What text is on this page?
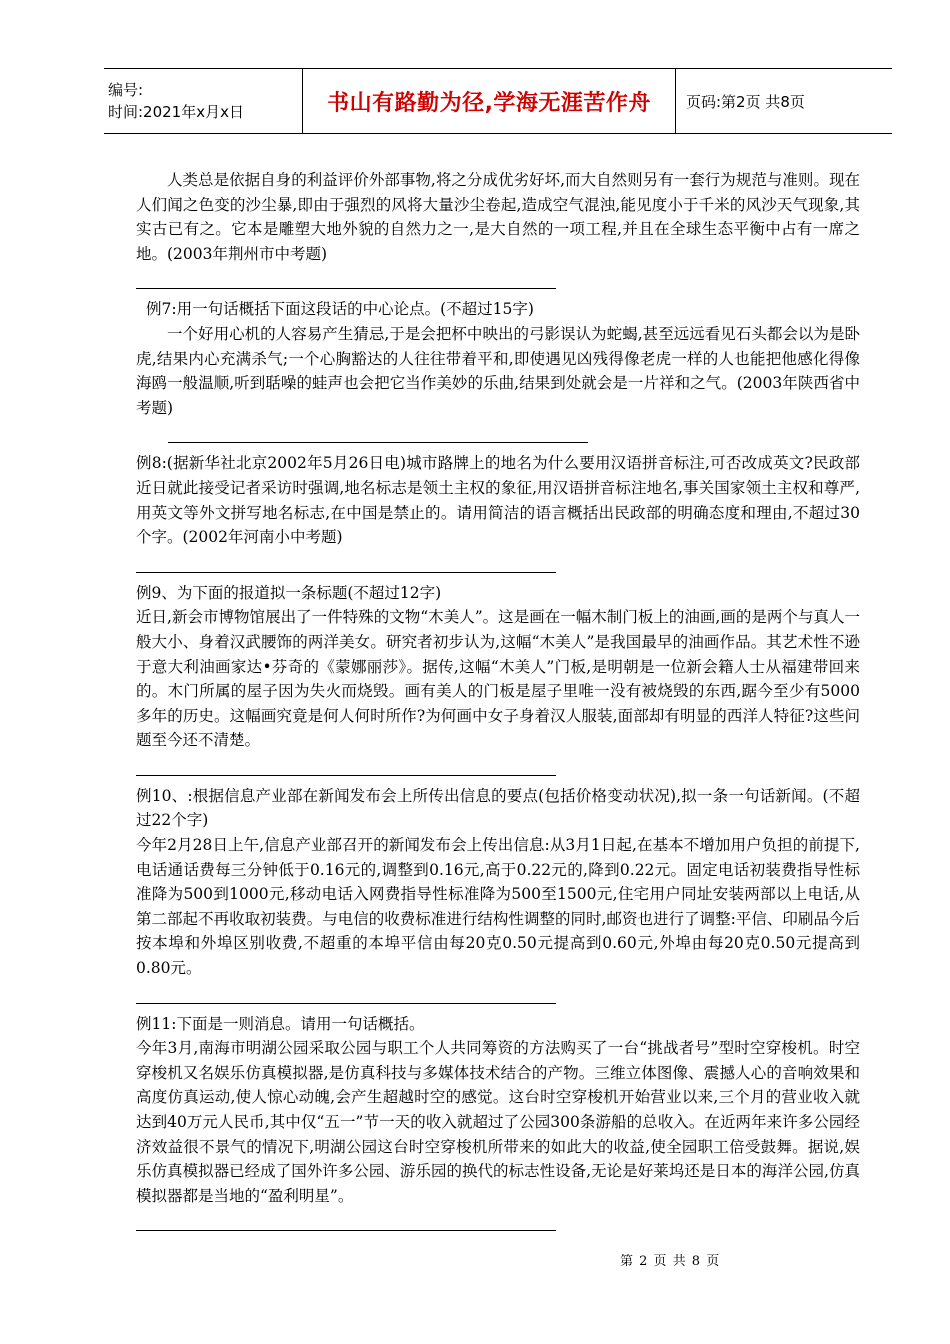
编号:
时间:2021年x月x日	书山有路勤为径,学海无涯苦作舟 页码:第2页 共8页

人类总是依据自身的利益评价外部事物,将之分成优劣好坏,而大自然则另有一套行为规范与准则。现在人们闻之色变的沙尘暴,即由于强烈的风将大量沙尘卷起,造成空气混浊,能见度小于千米的风沙天气现象,其实古已有之。它本是雕塑大地外貌的自然力之一,是大自然的一项工程,并且在全球生态平衡中占有一席之地。(2003年荆州市中考题)

例7:用一句话概括下面这段话的中心论点。(不超过15字)

一个好用心机的人容易产生猜忌,于是会把杯中映出的弓影误认为蛇蝎,甚至远远看见石头都会以为是卧虎,结果内心充满杀气;一个心胸豁达的人往往带着平和,即使遇见凶残得像老虎一样的人也能把他感化得像海鸥一般温顺,听到聒噪的蛙声也会把它当作美妙的乐曲,结果到处就会是一片祥和之气。(2003年陕西省中考题)

例8:(据新华社北京2002年5月26日电)城市路牌上的地名为什么要用汉语拼音标注,可否改成英文?民政部近日就此接受记者采访时强调,地名标志是领土主权的象征,用汉语拼音标注地名,事关国家领土主权和尊严,用英文等外文拼写地名标志,在中国是禁止的。请用简洁的语言概括出民政部的明确态度和理由,不超过30个字。(2002年河南小中考题)

例9、为下面的报道拟一条标题(不超过12字)

近日,新会市博物馆展出了一件特殊的文物“木美人”。这是画在一幅木制门板上的油画,画的是两个与真人一般大小、身着汉武腰饰的两洋美女。研究者初步认为,这幅“木美人”是我国最早的油画作品。其艺术性不逊于意大利油画家达•芬奇的《蒙娜丽莎》。据传,这幅“木美人”门板,是明朝是一位新会籍人士从福建带回来的。木门所属的屋子因为失火而烧毁。画有美人的门板是屋子里唯一没有被烧毁的东西,踞今至少有5000多年的历史。这幅画究竟是何人何时所作?为何画中女子身着汉人服装,面部却有明显的西洋人特征?这些问题至今还不清楚。

例10、:根据信息产业部在新闻发布会上所传出信息的要点(包括价格变动状况),拟一条一句话新闻。(不超过22个字)

今年2月28日上午,信息产业部召开的新闻发布会上传出信息:从3月1日起,在基本不增加用户负担的前提下,电话通话费每三分钟低于0.16元的,调整到0.16元,高于0.22元的,降到0.22元。固定电话初装费指导性标准降为500到1000元,移动电话入网费指导性标准降为500至1500元,住宅用户同址安装两部以上电话,从第二部起不再收取初装费。与电信的收费标准进行结构性调整的同时,邮资也进行了调整:平信、印刷品今后按本埠和外埠区别收费,不超重的本埠平信由每20克0.50元提高到0.60元,外埠由每20克0.50元提高到0.80元。

例11:下面是一则消息。请用一句话概括。

今年3月,南海市明湖公园采取公园与职工个人共同筹资的方法购买了一台“挑战者号”型时空穿梭机。时空穿梭机又名娱乐仿真模拟器,是仿真科技与多媒体技术结合的产物。三维立体图像、震撼人心的音响效果和高度仿真运动,使人惊心动魄,会产生超越时空的感觉。这台时空穿梭机开始营业以来,三个月的营业收入就达到40万元人民币,其中仅“五一”节一天的收入就超过了公园300条游船的总收入。在近两年来许多公园经济效益很不景气的情况下,明湖公园这台时空穿梭机所带来的如此大的收益,使全园职工倍受鼓舞。据说,娱乐仿真模拟器已经成了国外许多公园、游乐园的换代的标志性设备,无论是好莱坞还是日本的海洋公园,仿真模拟器都是当地的“盈利明星”。

第 2 页 共 8 页
